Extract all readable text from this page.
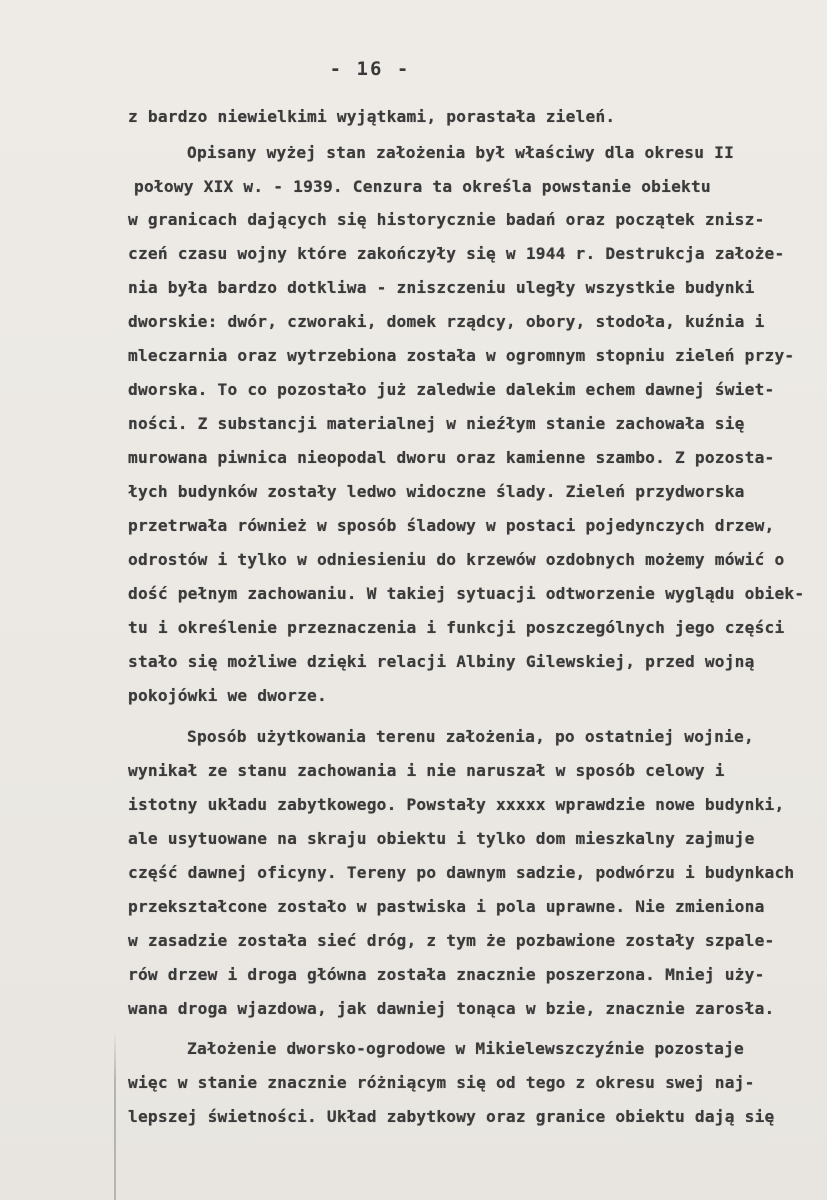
- 16 -
z bardzo niewielkimi wyjątkami, porastała zieleń.
Opisany wyżej stan założenia był właściwy dla okresu II
połowy XIX w. - 1939. Cenzura ta określa powstanie obiektu
w granicach dających się historycznie badań oraz początek znisz-
czeń czasu wojny które zakończyły się w 1944 r. Destrukcja założe-
nia była bardzo dotkliwa - zniszczeniu uległy wszystkie budynki
dworskie: dwór, czworaki, domek rządcy, obory, stodoła, kuźnia i
mleczarnia oraz wytrzebiona została w ogromnym stopniu zieleń przy-
dworska. To co pozostało już zaledwie dalekim echem dawnej świet-
ności. Z substancji materialnej w nieźłym stanie zachowała się
murowana piwnica nieopodal dworu oraz kamienne szambo. Z pozosta-
łych budynków zostały ledwo widoczne ślady. Zieleń przydworska
przetrwała również w sposób śladowy w postaci pojedynczych drzew,
odrostów i tylko w odniesieniu do krzewów ozdobnych możemy mówić o
dość pełnym zachowaniu. W takiej sytuacji odtworzenie wyglądu obiek-
tu i określenie przeznaczenia i funkcji poszczególnych jego części
stało się możliwe dzięki relacji Albiny Gilewskiej, przed wojną
pokojówki we dworze.
Sposób użytkowania terenu założenia, po ostatniej wojnie,
wynikał ze stanu zachowania i nie naruszał w sposób celowy i
istotny układu zabytkowego. Powstały xxxxx wprawdzie nowe budynki,
ale usytuowane na skraju obiektu i tylko dom mieszkalny zajmuje
część dawnej oficyny. Tereny po dawnym sadzie, podwórzu i budynkach
przekształcone zostało w pastwiska i pola uprawne. Nie zmieniona
w zasadzie została sieć dróg, z tym że pozbawione zostały szpale-
rów drzew i droga główna została znacznie poszerzona. Mniej uży-
wana droga wjazdowa, jak dawniej tonąca w bzie, znacznie zarosła.
Założenie dworsko-ogrodowe w Mikielewszczyźnie pozostaje
więc w stanie znacznie różniącym się od tego z okresu swej naj-
lepszej świetności. Układ zabytkowy oraz granice obiektu dają się
